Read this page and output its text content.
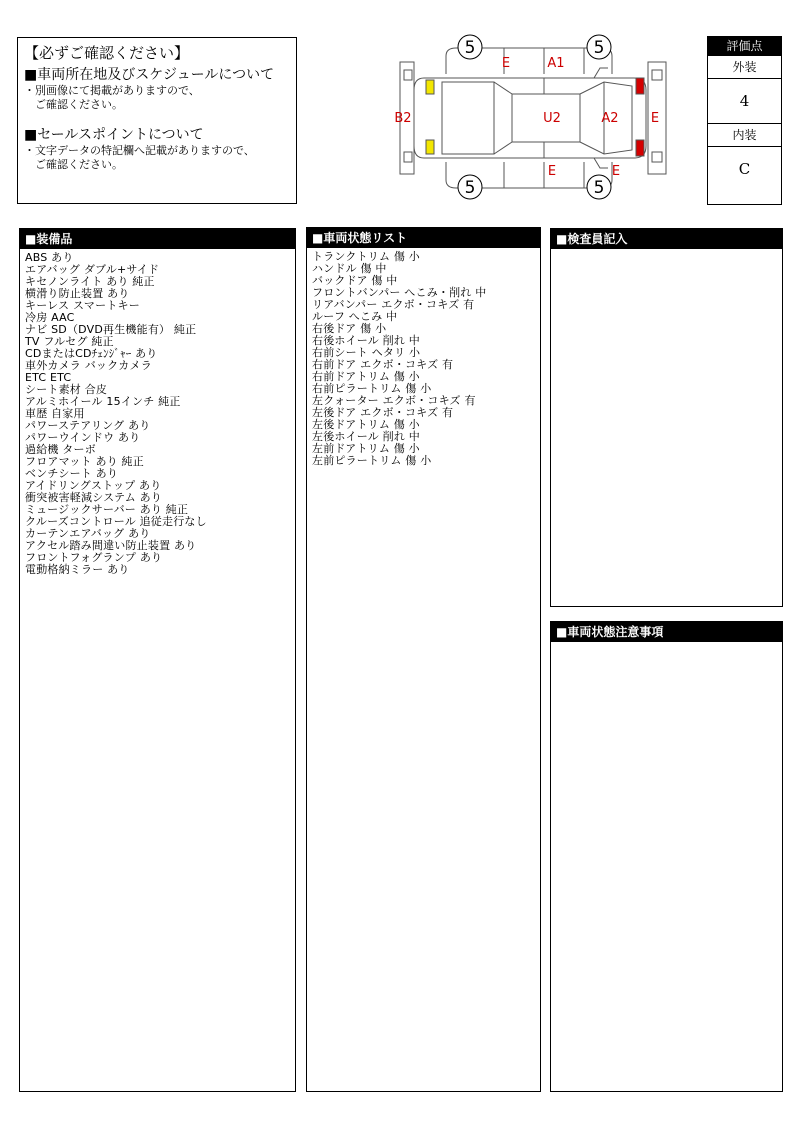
【必ずご確認ください】
■車両所在地及びスケジュールについて
・別画像にて掲載がありますので、
　ご確認ください。
■セールスポイントについて
・文字データの特記欄へ記載がありますので、
　ご確認ください。
5	5
5	5
E	A1
B2	U2	A2 E
E	E
評価点
外装
4
内装
C
■装備品
ABS あり
エアバッグ ダブル+サイド
キセノンライト あり 純正
横滑り防止装置 あり
キーレス スマートキー
冷房 AAC
ナビ SD（DVD再生機能有） 純正
TV フルセグ 純正
CDまたはCDﾁｪﾝｼﾞｬｰ あり
車外カメラ バックカメラ
ETC ETC
シート素材 合皮
アルミホイール 15インチ 純正
車歴 自家用
パワーステアリング あり
パワーウインドウ あり
過給機 ターボ
フロアマット あり 純正
ベンチシート あり
アイドリングストップ あり
衝突被害軽減システム あり
ミュージックサーバー あり 純正
クルーズコントロール 追従走行なし
カーテンエアバッグ あり
アクセル踏み間違い防止装置 あり
フロントフォグランプ あり
電動格納ミラー あり
■車両状態リスト
トランクトリム 傷 小
ハンドル 傷 中
バックドア 傷 中
フロントバンパー へこみ・削れ 中
リアバンパー エクボ・コキズ 有
ルーフ へこみ 中
右後ドア 傷 小
右後ホイール 削れ 中
右前シート ヘタリ 小
右前ドア エクボ・コキズ 有
右前ドアトリム 傷 小
右前ピラートリム 傷 小
左クォーター エクボ・コキズ 有
左後ドア エクボ・コキズ 有
左後ドアトリム 傷 小
左後ホイール 削れ 中
左前ドアトリム 傷 小
左前ピラートリム 傷 小
■検査員記入
■車両状態注意事項
